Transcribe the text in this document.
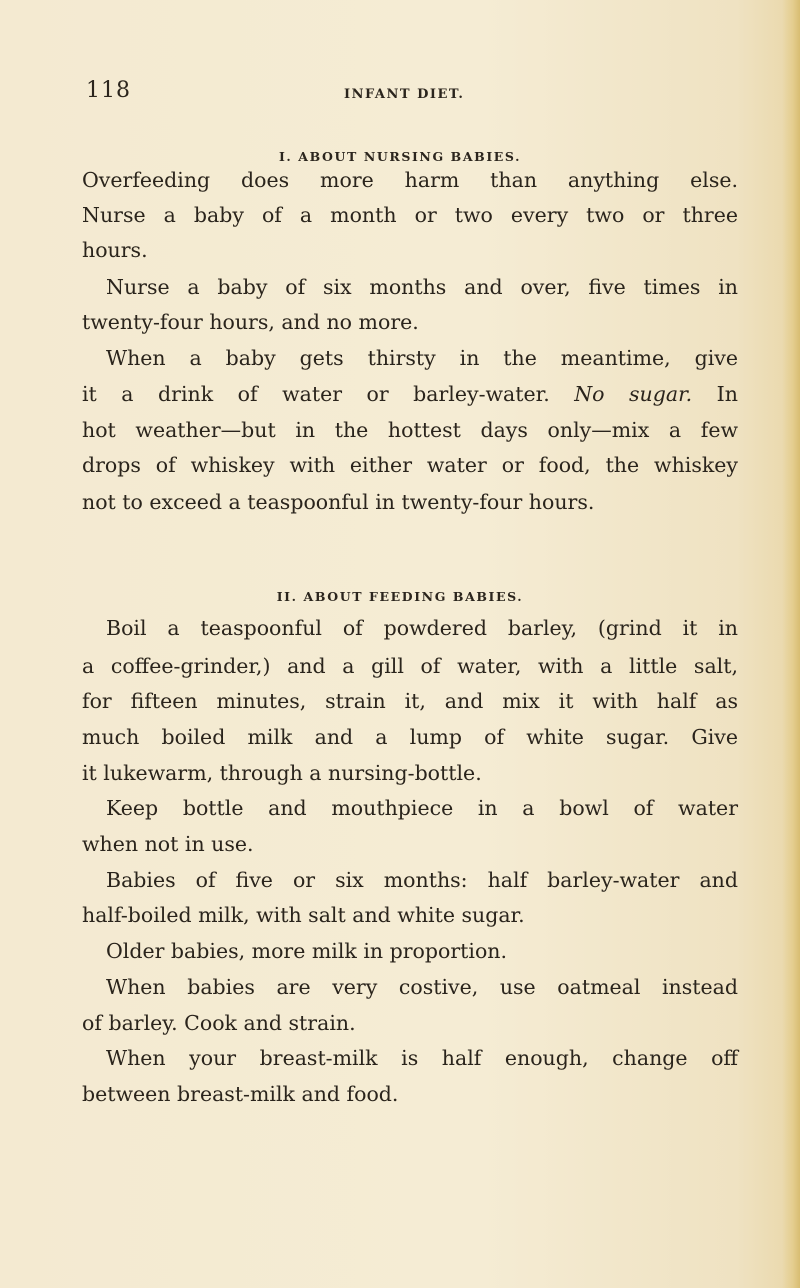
118	INFANT DIET.
I. ABOUT NURSING BABIES.
Overfeeding does more harm than anything else.
Nurse a baby of a month or two every two or three
hours.
Nurse a baby of six months and over, five times in
twenty-four hours, and no more.
When a baby gets thirsty in the meantime, give
it a drink of water or barley-water. No sugar. In
hot weather—but in the hottest days only—mix a few
drops of whiskey with either water or food, the whiskey
not to exceed a teaspoonful in twenty-four hours.
II. ABOUT FEEDING BABIES.
Boil a teaspoonful of powdered barley, (grind it in
a coffee-grinder,) and a gill of water, with a little salt,
for fifteen minutes, strain it, and mix it with half as
much boiled milk and a lump of white sugar. Give
it lukewarm, through a nursing-bottle.
Keep bottle and mouthpiece in a bowl of water
when not in use.
Babies of five or six months: half barley-water and
half-boiled milk, with salt and white sugar.
Older babies, more milk in proportion.
When babies are very costive, use oatmeal instead
of barley. Cook and strain.
When your breast-milk is half enough, change off
between breast-milk and food.
